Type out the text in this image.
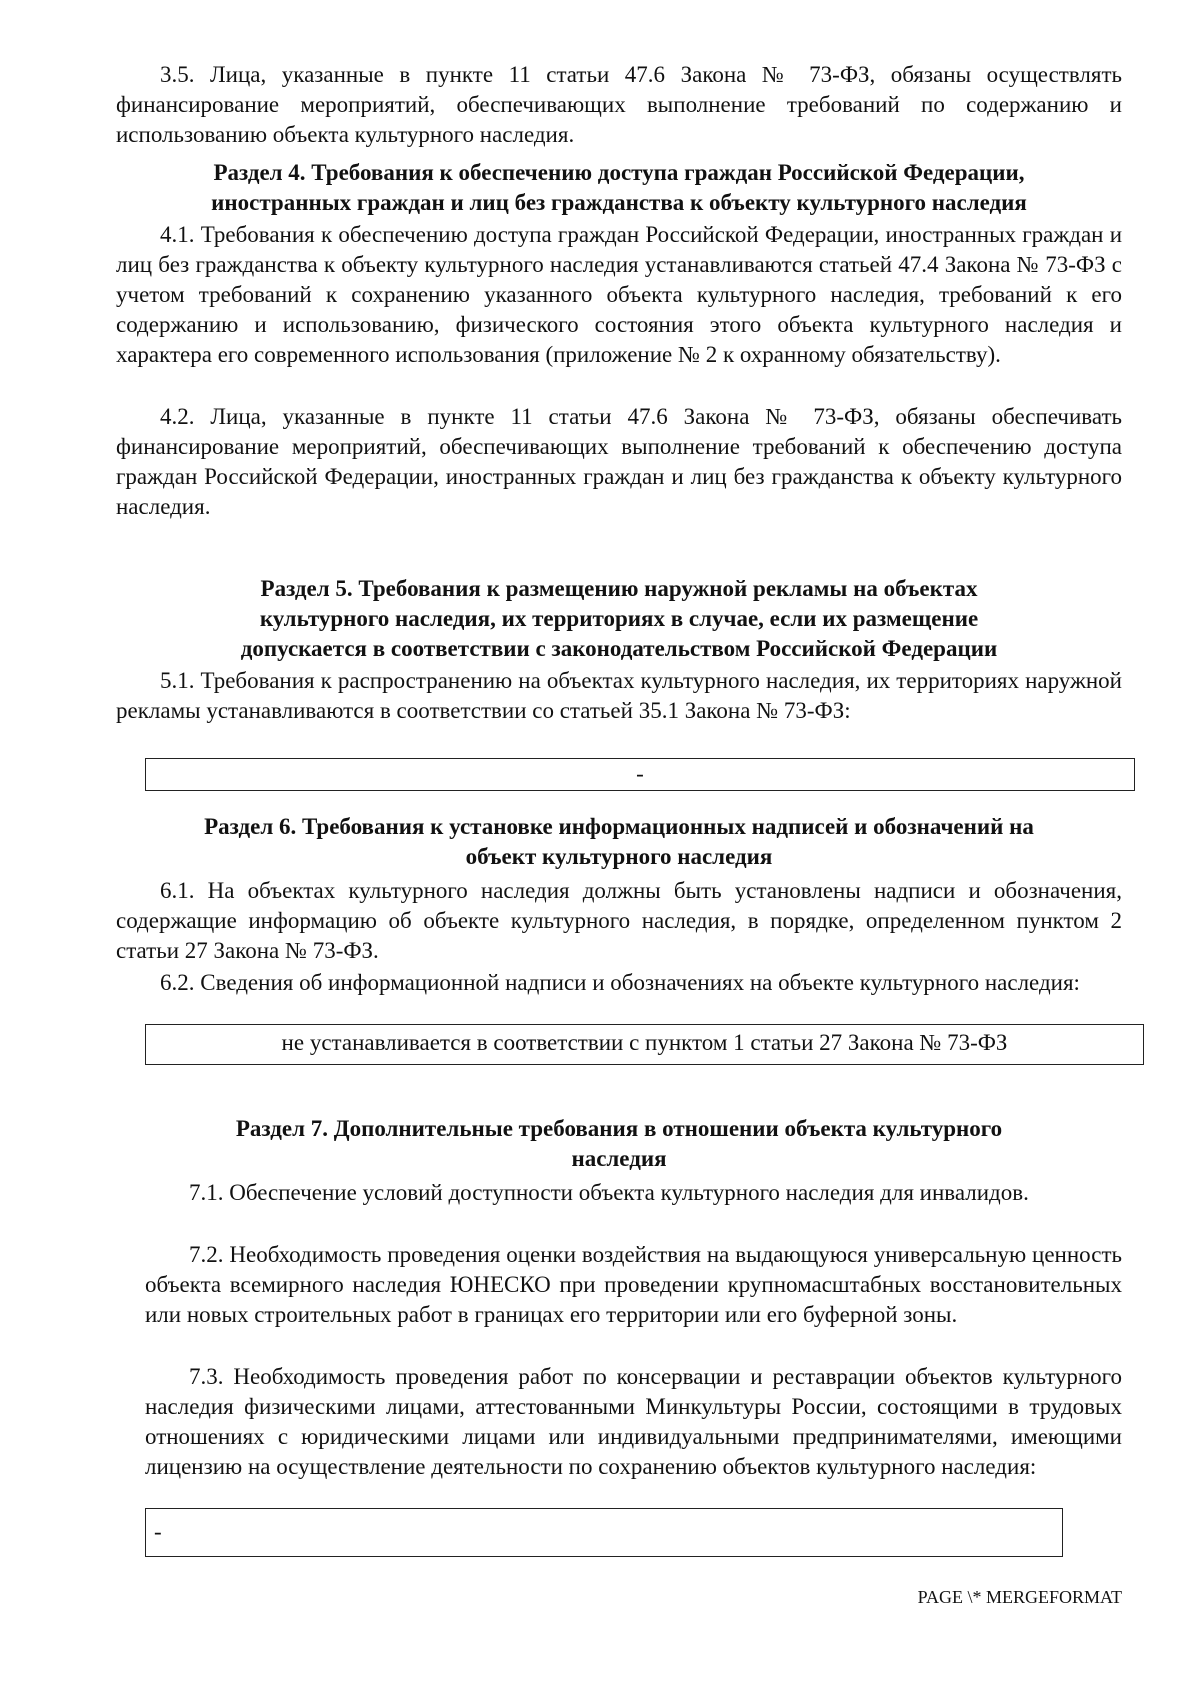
3.5. Лица, указанные в пункте 11 статьи 47.6 Закона № 73-ФЗ, обязаны осуществлять финансирование мероприятий, обеспечивающих выполнение требований по содержанию и использованию объекта культурного наследия.

Раздел 4. Требования к обеспечению доступа граждан Российской Федерации,
иностранных граждан и лиц без гражданства к объекту культурного наследия

4.1. Требования к обеспечению доступа граждан Российской Федерации, иностранных граждан и лиц без гражданства к объекту культурного наследия устанавливаются статьей 47.4 Закона № 73-ФЗ с учетом требований к сохранению указанного объекта культурного наследия, требований к его содержанию и использованию, физического состояния этого объекта культурного наследия и характера его современного использования (приложение № 2 к охранному обязательству).

4.2. Лица, указанные в пункте 11 статьи 47.6 Закона № 73-ФЗ, обязаны обеспечивать финансирование мероприятий, обеспечивающих выполнение требований к обеспечению доступа граждан Российской Федерации, иностранных граждан и лиц без гражданства к объекту культурного наследия.

Раздел 5. Требования к размещению наружной рекламы на объектах
культурного наследия, их территориях в случае, если их размещение
допускается в соответствии с законодательством Российской Федерации

5.1. Требования к распространению на объектах культурного наследия, их территориях наружной рекламы устанавливаются в соответствии со статьей 35.1 Закона № 73-ФЗ:

-
Раздел 6. Требования к установке информационных надписей и обозначений на
объект культурного наследия

6.1. На объектах культурного наследия должны быть установлены надписи и обозначения, содержащие информацию об объекте культурного наследия, в порядке, определенном пунктом 2 статьи 27 Закона № 73-ФЗ.

6.2. Сведения об информационной надписи и обозначениях на объекте культурного наследия:

не устанавливается в соответствии с пунктом 1 статьи 27 Закона № 73-ФЗ
Раздел 7. Дополнительные требования в отношении объекта культурного
наследия

7.1. Обеспечение условий доступности объекта культурного наследия для инвалидов.

7.2. Необходимость проведения оценки воздействия на выдающуюся универсальную ценность объекта всемирного наследия ЮНЕСКО при проведении крупномасштабных восстановительных или новых строительных работ в границах его территории или его буферной зоны.

7.3. Необходимость проведения работ по консервации и реставрации объектов культурного наследия физическими лицами, аттестованными Минкультуры России, состоящими в трудовых отношениях с юридическими лицами или индивидуальными предпринимателями, имеющими лицензию на осуществление деятельности по сохранению объектов культурного наследия:

-
PAGE \* MERGEFORMAT
